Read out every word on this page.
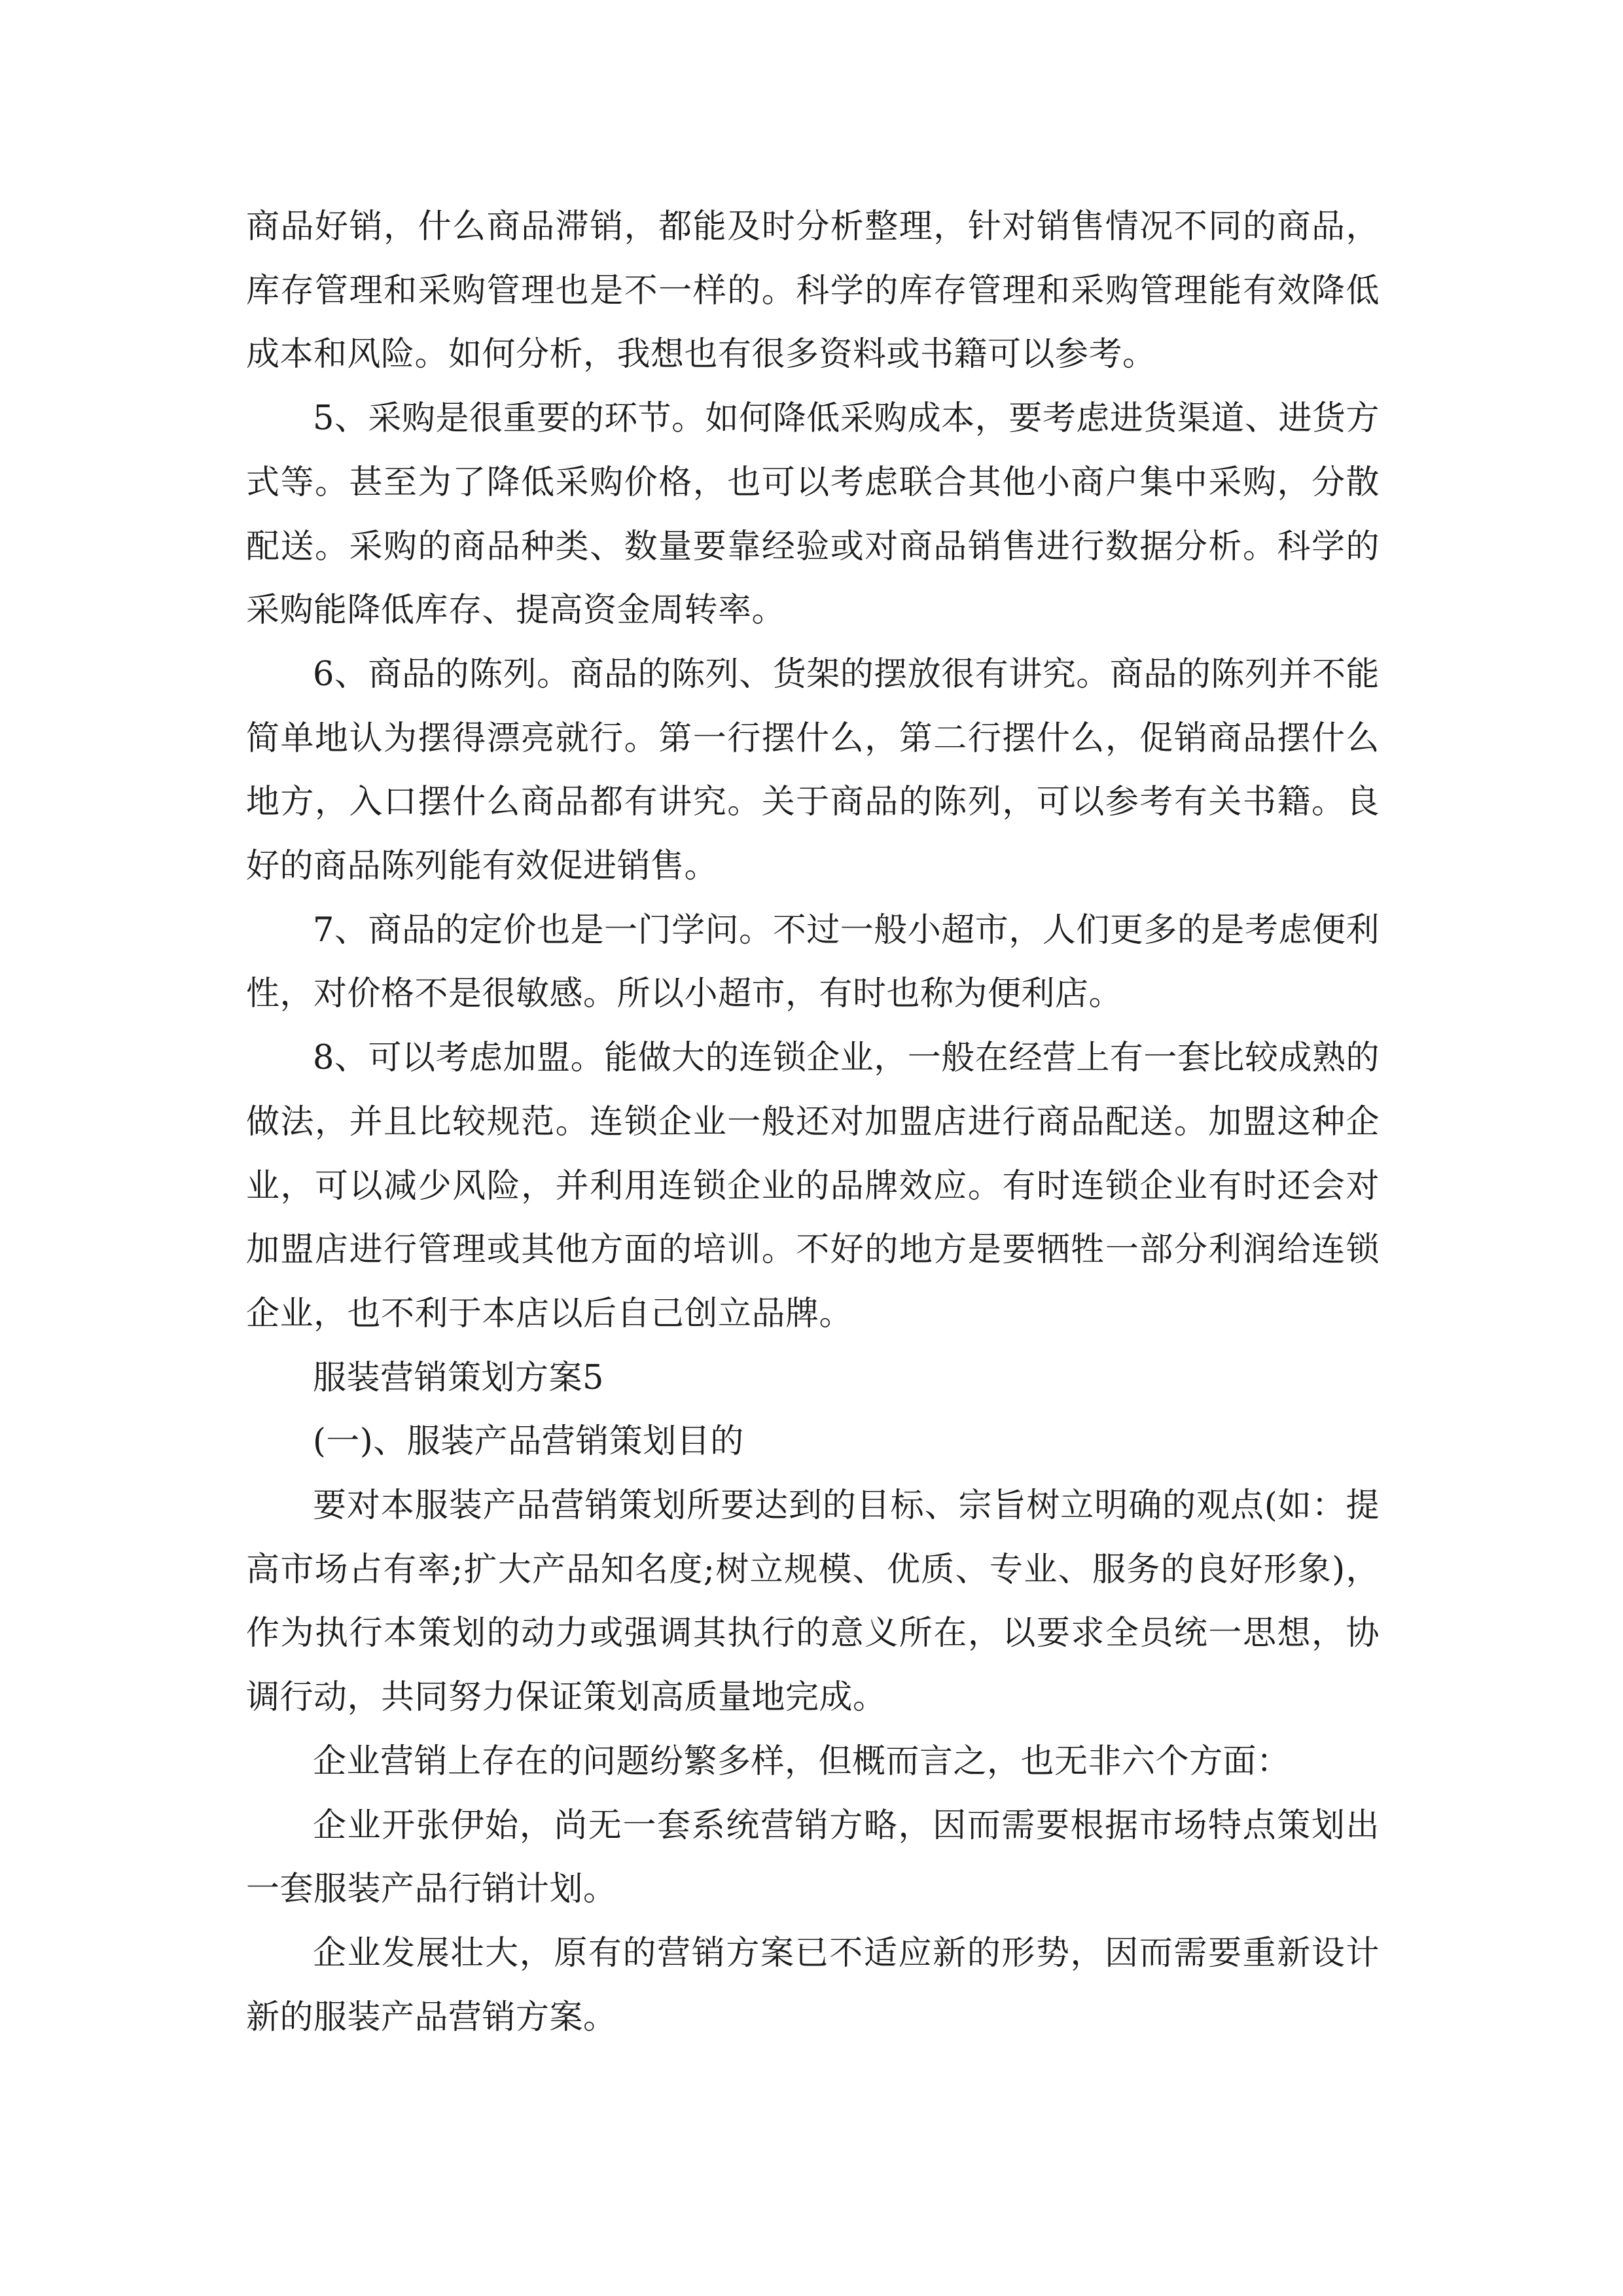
商品好销，什么商品滞销，都能及时分析整理，针对销售情况不同的商品，库存管理和采购管理也是不一样的。科学的库存管理和采购管理能有效降低成本和风险。如何分析，我想也有很多资料或书籍可以参考。

5、采购是很重要的环节。如何降低采购成本，要考虑进货渠道、进货方式等。甚至为了降低采购价格，也可以考虑联合其他小商户集中采购，分散配送。采购的商品种类、数量要靠经验或对商品销售进行数据分析。科学的采购能降低库存、提高资金周转率。

6、商品的陈列。商品的陈列、货架的摆放很有讲究。商品的陈列并不能简单地认为摆得漂亮就行。第一行摆什么，第二行摆什么，促销商品摆什么地方，入口摆什么商品都有讲究。关于商品的陈列，可以参考有关书籍。良好的商品陈列能有效促进销售。

7、商品的定价也是一门学问。不过一般小超市，人们更多的是考虑便利性，对价格不是很敏感。所以小超市，有时也称为便利店。

8、可以考虑加盟。能做大的连锁企业，一般在经营上有一套比较成熟的做法，并且比较规范。连锁企业一般还对加盟店进行商品配送。加盟这种企业，可以减少风险，并利用连锁企业的品牌效应。有时连锁企业有时还会对加盟店进行管理或其他方面的培训。不好的地方是要牺牲一部分利润给连锁企业，也不利于本店以后自己创立品牌。

服装营销策划方案5

(一)、服装产品营销策划目的

要对本服装产品营销策划所要达到的目标、宗旨树立明确的观点(如：提高市场占有率;扩大产品知名度;树立规模、优质、专业、服务的良好形象)，作为执行本策划的动力或强调其执行的意义所在，以要求全员统一思想，协调行动，共同努力保证策划高质量地完成。

企业营销上存在的问题纷繁多样，但概而言之，也无非六个方面：

企业开张伊始，尚无一套系统营销方略，因而需要根据市场特点策划出一套服装产品行销计划。

企业发展壮大，原有的营销方案已不适应新的形势，因而需要重新设计新的服装产品营销方案。
